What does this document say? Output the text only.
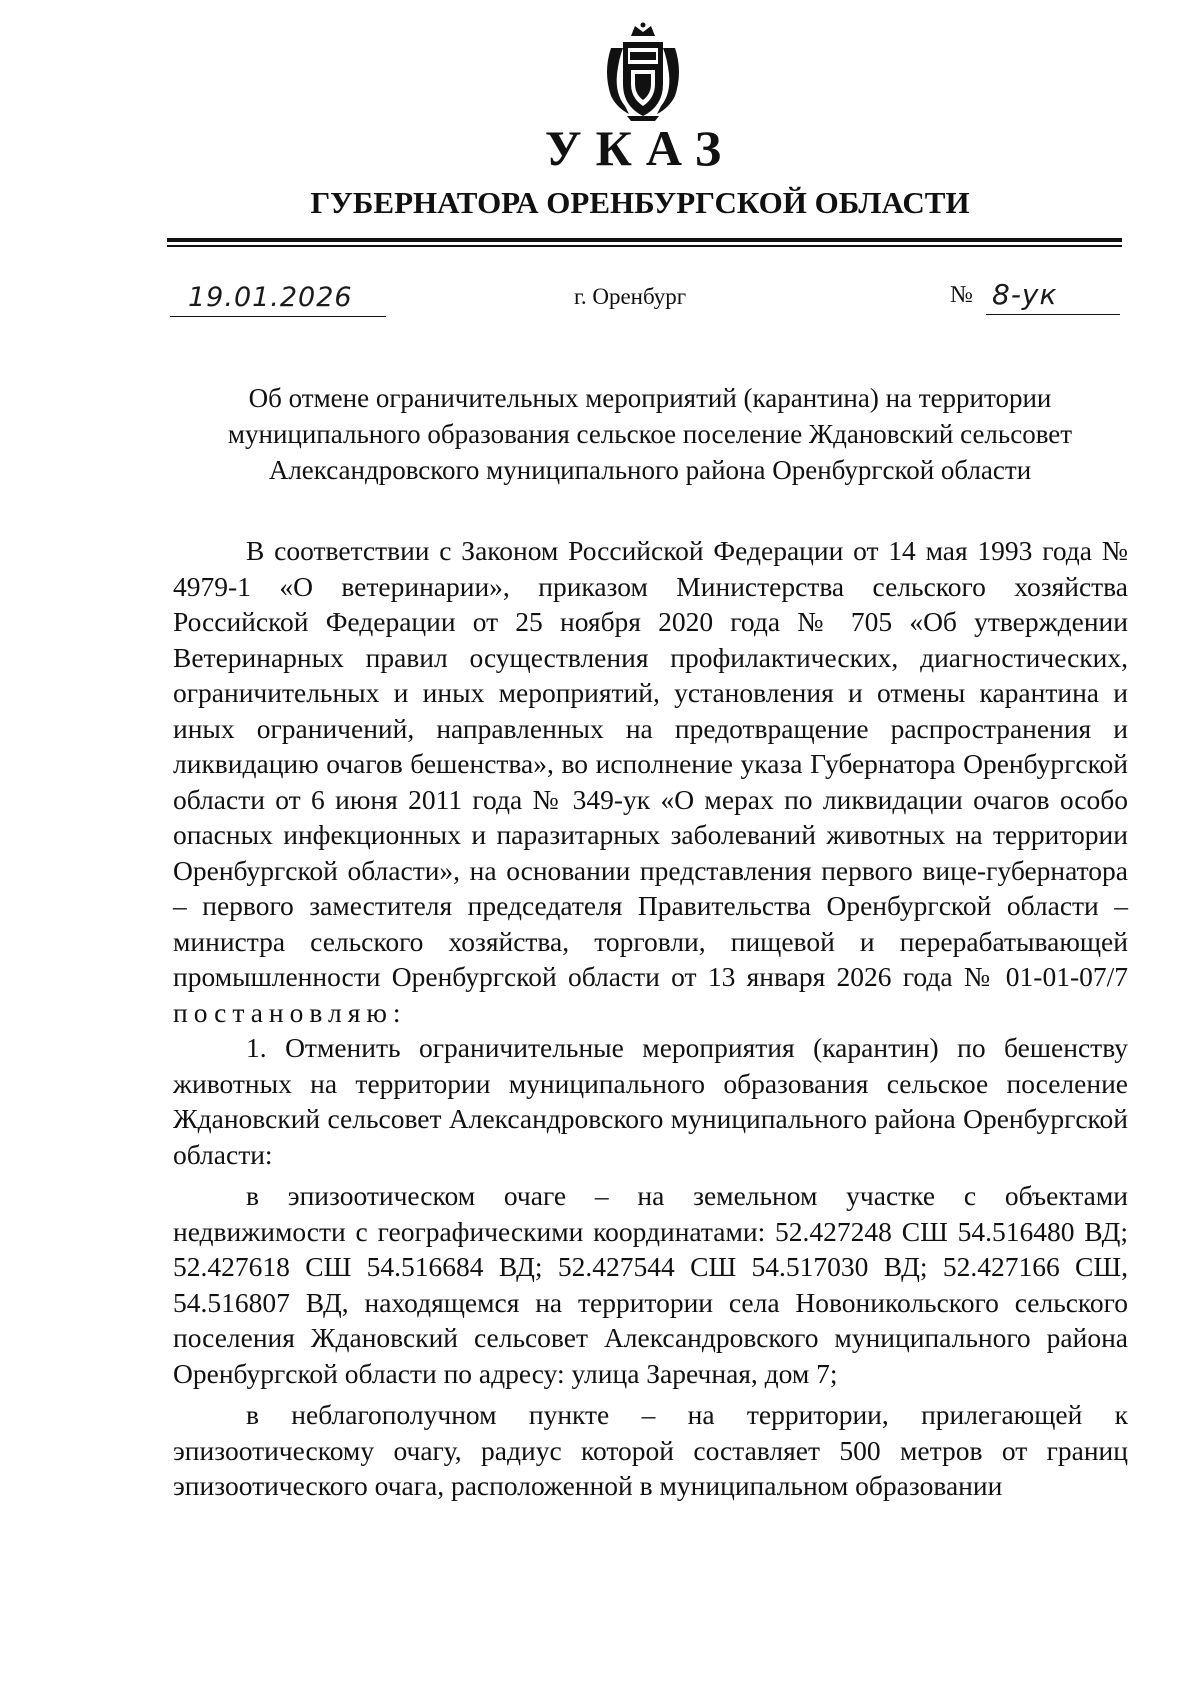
УКАЗ
ГУБЕРНАТОРА ОРЕНБУРГСКОЙ ОБЛАСТИ
19.01.2026	г. Оренбург	№ 8-ук
Об отмене ограничительных мероприятий (карантина) на территории
муниципального образования сельское поселение Ждановский сельсовет
Александровского муниципального района Оренбургской области

В соответствии с Законом Российской Федерации от 14 мая 1993 года № 4979-1 «О ветеринарии», приказом Министерства сельского хозяйства Российской Федерации от 25 ноября 2020 года № 705 «Об утверждении Ветеринарных правил осуществления профилактических, диагностических, ограничительных и иных мероприятий, установления и отмены карантина и иных ограничений, направленных на предотвращение распространения и ликвидацию очагов бешенства», во исполнение указа Губернатора Оренбургской области от 6 июня 2011 года № 349-ук «О мерах по ликвидации очагов особо опасных инфекционных и паразитарных заболеваний животных на территории Оренбургской области», на основании представления первого вице-губернатора – первого заместителя председателя Правительства Оренбургской области – министра сельского хозяйства, торговли, пищевой и перерабатывающей промышленности Оренбургской области от 13 января 2026 года № 01-01-07/7 постановляю:

1. Отменить ограничительные мероприятия (карантин) по бешенству животных на территории муниципального образования сельское поселение Ждановский сельсовет Александровского муниципального района Оренбургской области:

в эпизоотическом очаге – на земельном участке с объектами недвижимости с географическими координатами: 52.427248 СШ 54.516480 ВД; 52.427618 СШ 54.516684 ВД; 52.427544 СШ 54.517030 ВД; 52.427166 СШ, 54.516807 ВД, находящемся на территории села Новоникольского сельского поселения Ждановский сельсовет Александровского муниципального района Оренбургской области по адресу: улица Заречная, дом 7;

в неблагополучном пункте – на территории, прилегающей к эпизоотическому очагу, радиус которой составляет 500 метров от границ эпизоотического очага, расположенной в муниципальном образовании
